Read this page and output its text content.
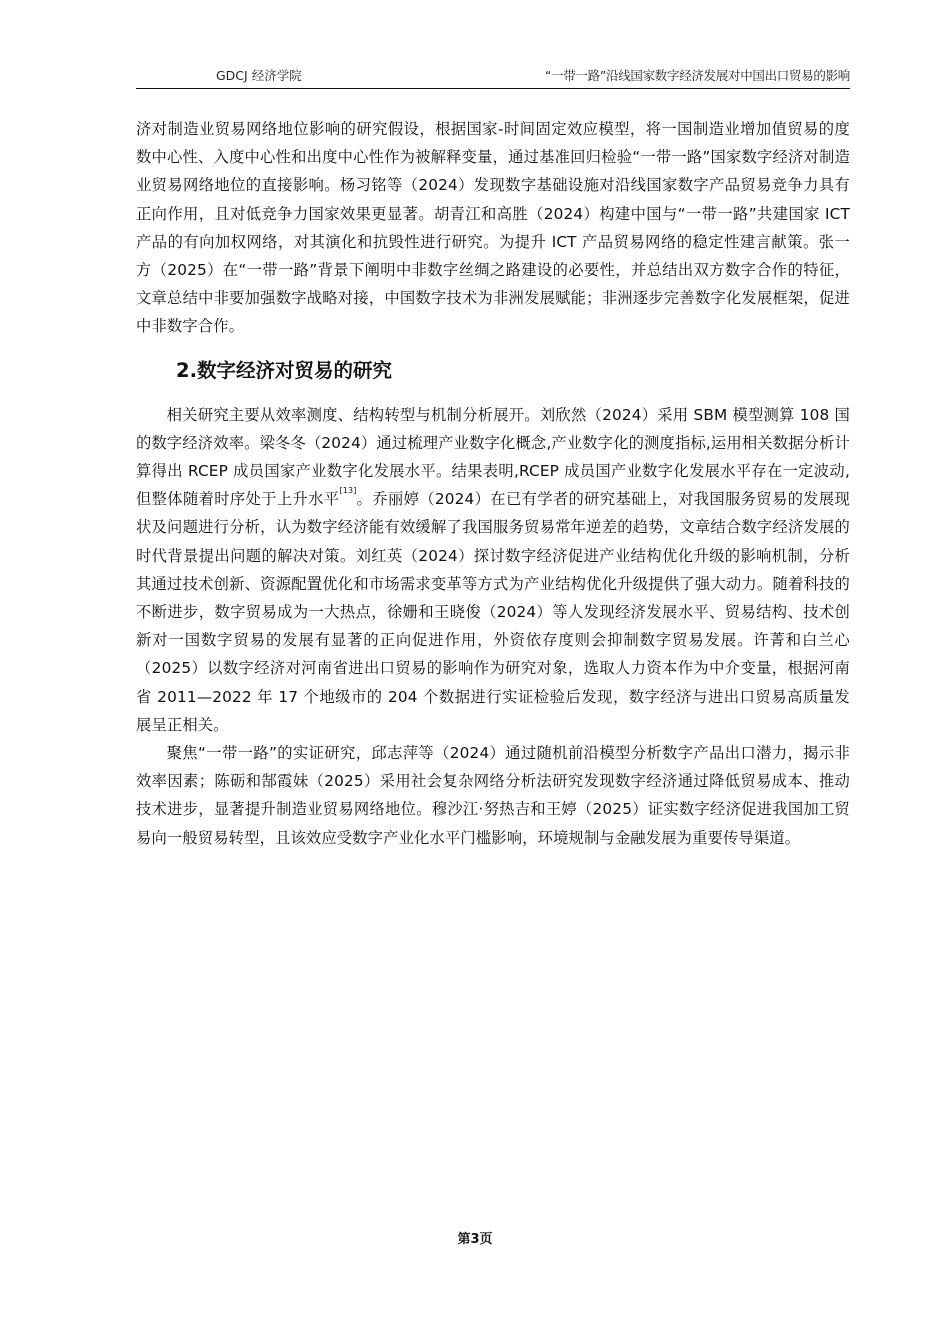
GDCJ 经济学院	“一带一路”沿线国家数字经济发展对中国出口贸易的影响

济对制造业贸易网络地位影响的研究假设，根据国家-时间固定效应模型，将一国制造业增加值贸易的度数中心性、入度中心性和出度中心性作为被解释变量，通过基准回归检验“一带一路”国家数字经济对制造业贸易网络地位的直接影响。杨习铭等（2024）发现数字基础设施对沿线国家数字产品贸易竞争力具有正向作用，且对低竞争力国家效果更显著。胡青江和高胜（2024）构建中国与“一带一路”共建国家 ICT 产品的有向加权网络，对其演化和抗毁性进行研究。为提升 ICT 产品贸易网络的稳定性建言献策。张一方（2025）在“一带一路”背景下阐明中非数字丝绸之路建设的必要性，并总结出双方数字合作的特征，文章总结中非要加强数字战略对接，中国数字技术为非洲发展赋能；非洲逐步完善数字化发展框架，促进中非数字合作。

2.数字经济对贸易的研究

相关研究主要从效率测度、结构转型与机制分析展开。刘欣然（2024）采用 SBM 模型测算 108 国的数字经济效率。梁冬冬（2024）通过梳理产业数字化概念,产业数字化的测度指标,运用相关数据分析计算得出 RCEP 成员国家产业数字化发展水平。结果表明,RCEP 成员国产业数字化发展水平存在一定波动,但整体随着时序处于上升水平[13]。乔丽婷（2024）在已有学者的研究基础上，对我国服务贸易的发展现状及问题进行分析，认为数字经济能有效缓解了我国服务贸易常年逆差的趋势，文章结合数字经济发展的时代背景提出问题的解决对策。刘红英（2024）探讨数字经济促进产业结构优化升级的影响机制，分析其通过技术创新、资源配置优化和市场需求变革等方式为产业结构优化升级提供了强大动力。随着科技的不断进步，数字贸易成为一大热点，徐姗和王晓俊（2024）等人发现经济发展水平、贸易结构、技术创新对一国数字贸易的发展有显著的正向促进作用，外资依存度则会抑制数字贸易发展。许菁和白兰心（2025）以数字经济对河南省进出口贸易的影响作为研究对象，选取人力资本作为中介变量，根据河南省 2011—2022 年 17 个地级市的 204 个数据进行实证检验后发现，数字经济与进出口贸易高质量发展呈正相关。

聚焦“一带一路”的实证研究，邱志萍等（2024）通过随机前沿模型分析数字产品出口潜力，揭示非效率因素；陈砺和郜霞妹（2025）采用社会复杂网络分析法研究发现数字经济通过降低贸易成本、推动技术进步，显著提升制造业贸易网络地位。穆沙江·努热吉和王婷（2025）证实数字经济促进我国加工贸易向一般贸易转型，且该效应受数字产业化水平门槛影响，环境规制与金融发展为重要传导渠道。

第3页
